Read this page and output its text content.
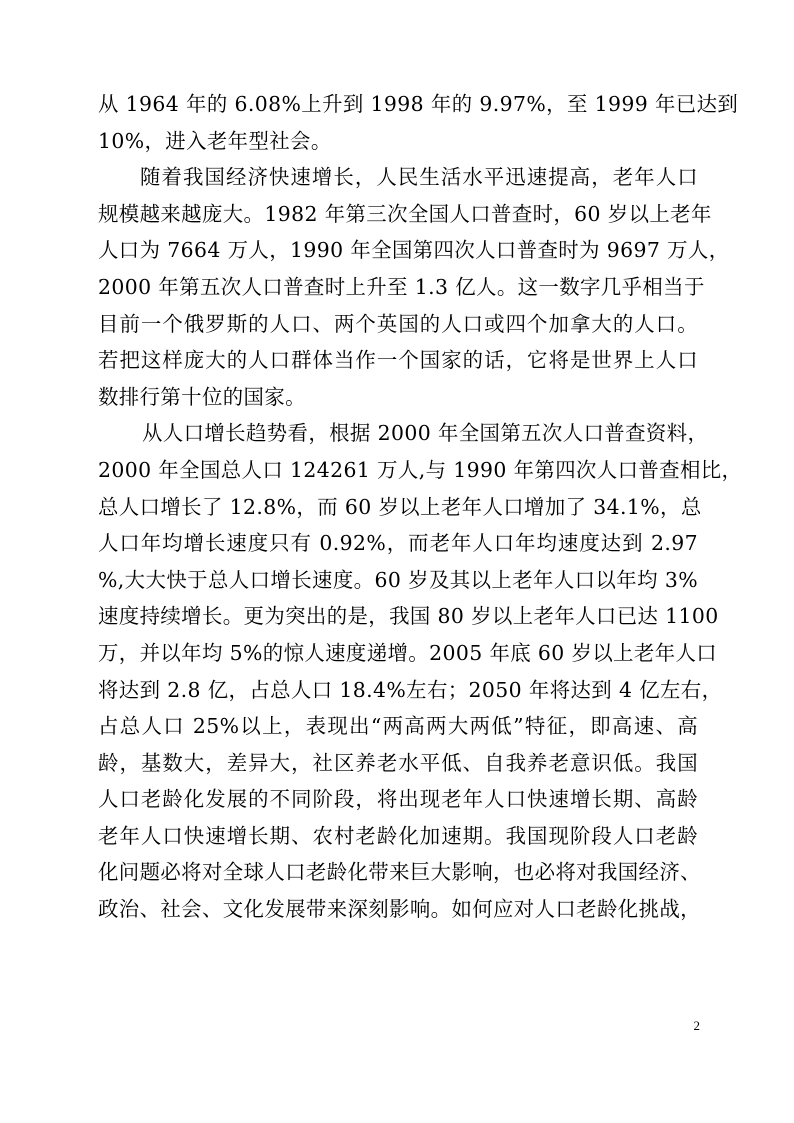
从 1964 年的 6.08%上升到 1998 年的 9.97%，至 1999 年已达到
10%，进入老年型社会。
随着我国经济快速增长，人民生活水平迅速提高，老年人口
规模越来越庞大。1982 年第三次全国人口普查时，60 岁以上老年
人口为 7664 万人，1990 年全国第四次人口普查时为 9697 万人，
2000 年第五次人口普查时上升至 1.3 亿人。这一数字几乎相当于
目前一个俄罗斯的人口、两个英国的人口或四个加拿大的人口。
若把这样庞大的人口群体当作一个国家的话，它将是世界上人口
数排行第十位的国家。
从人口增长趋势看，根据 2000 年全国第五次人口普查资料，
2000 年全国总人口 124261 万人,与 1990 年第四次人口普查相比，
总人口增长了 12.8%，而 60 岁以上老年人口增加了 34.1%，总
人口年均增长速度只有 0.92%，而老年人口年均速度达到 2.97
%,大大快于总人口增长速度。60 岁及其以上老年人口以年均 3%
速度持续增长。更为突出的是，我国 80 岁以上老年人口已达 1100
万，并以年均 5%的惊人速度递增。2005 年底 60 岁以上老年人口
将达到 2.8 亿，占总人口 18.4%左右；2050 年将达到 4 亿左右，
占总人口 25%以上，表现出“两高两大两低”特征，即高速、高
龄，基数大，差异大，社区养老水平低、自我养老意识低。我国
人口老龄化发展的不同阶段，将出现老年人口快速增长期、高龄
老年人口快速增长期、农村老龄化加速期。我国现阶段人口老龄
化问题必将对全球人口老龄化带来巨大影响，也必将对我国经济、
政治、社会、文化发展带来深刻影响。如何应对人口老龄化挑战，
2
